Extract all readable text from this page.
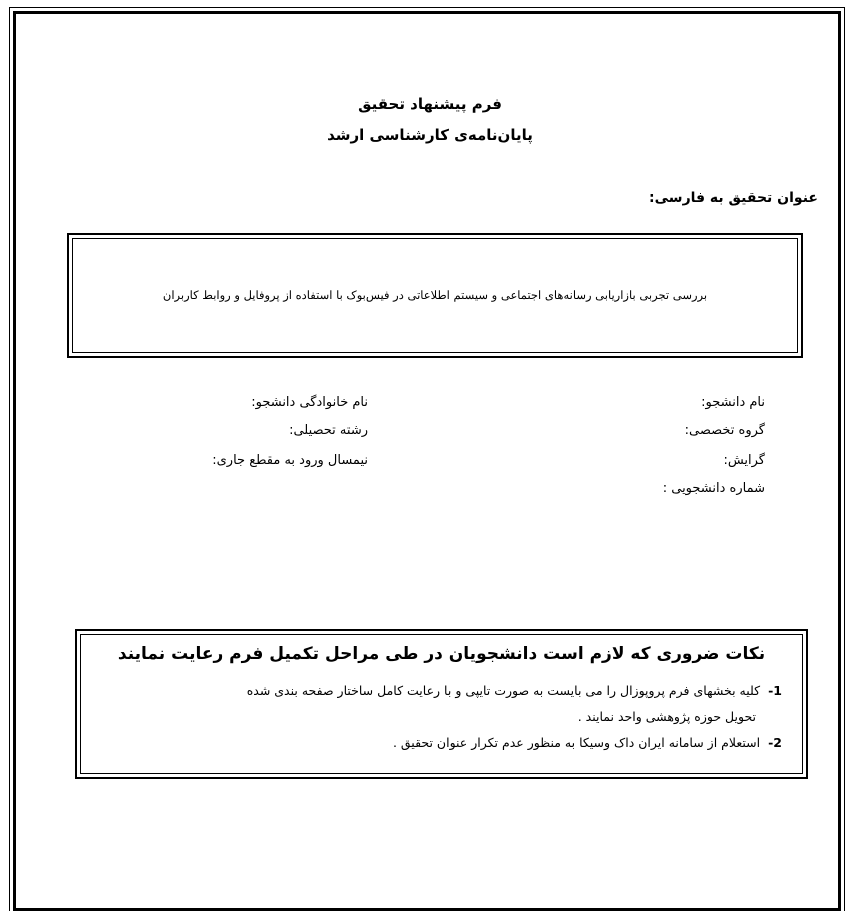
فرم پیشنهاد تحقیق
پایان‌نامه‌ی کارشناسی ارشد
عنوان تحقیق به فارسی:
بررسی تجربی بازاریابی رسانه‌های اجتماعی و سیستم اطلاعاتی در فیس‌بوک با استفاده از پروفایل و روابط کاربران
نام دانشجو:
نام خانوادگی دانشجو:
گروه تخصصی:
رشته تحصیلی:
گرایش:
نیمسال ورود به مقطع جاری:
شماره دانشجویی :
نکات ضروری که لازم است دانشجویان در طی مراحل تکمیل فرم رعایت نمایند
1-کلیه بخشهای فرم پروپوزال را می بایست به صورت تایپی و با رعایت کامل ساختار صفحه بندی شده
تحویل حوزه پژوهشی واحد نمایند .
2-استعلام از سامانه ایران داک وسیکا به منظور عدم تکرار عنوان تحقیق .
